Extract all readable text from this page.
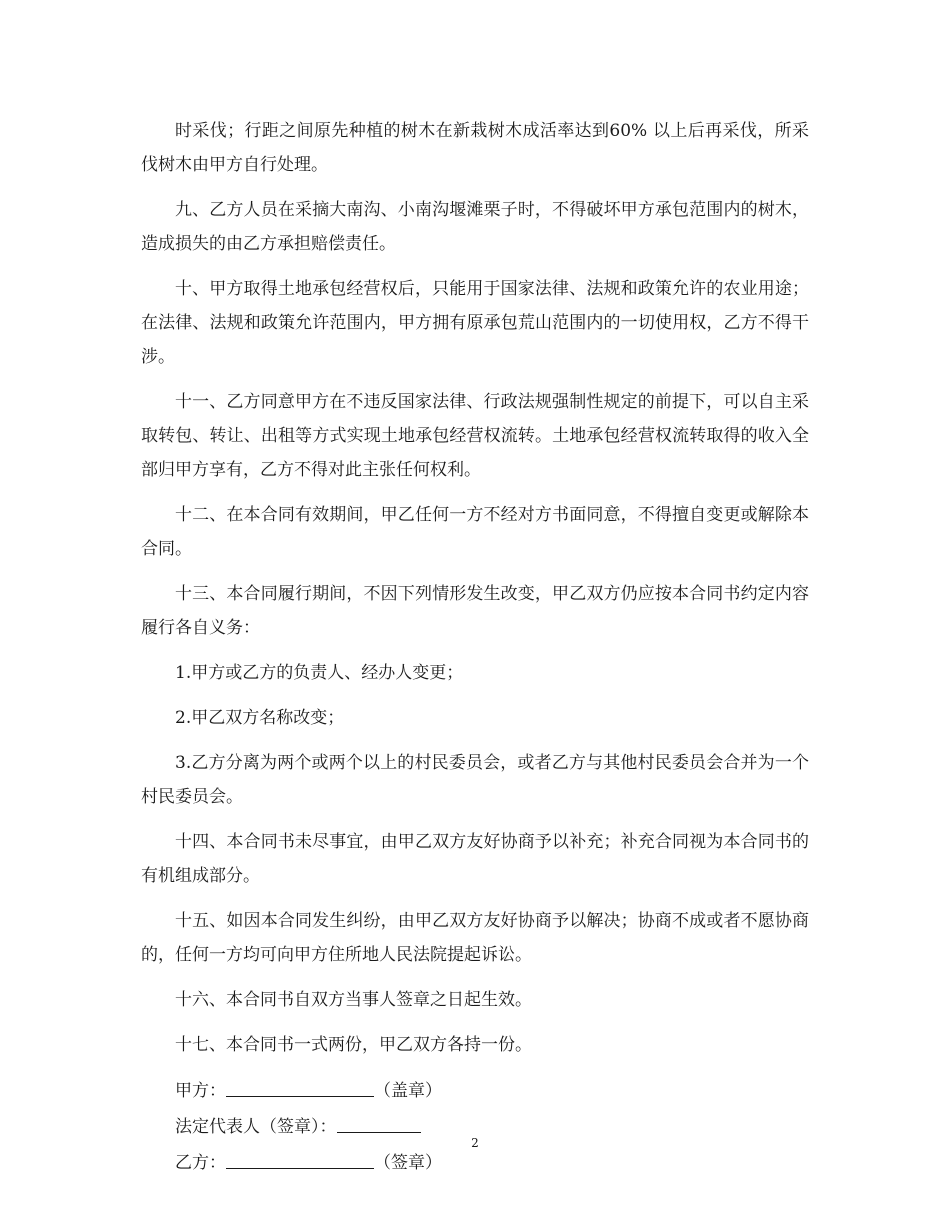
时采伐；行距之间原先种植的树木在新栽树木成活率达到60% 以上后再采伐，所采伐树木由甲方自行处理。

九、乙方人员在采摘大南沟、小南沟堰滩栗子时，不得破坏甲方承包范围内的树木，造成损失的由乙方承担赔偿责任。

十、甲方取得土地承包经营权后，只能用于国家法律、法规和政策允许的农业用途；在法律、法规和政策允许范围内，甲方拥有原承包荒山范围内的一切使用权，乙方不得干涉。

十一、乙方同意甲方在不违反国家法律、行政法规强制性规定的前提下，可以自主采取转包、转让、出租等方式实现土地承包经营权流转。土地承包经营权流转取得的收入全部归甲方享有，乙方不得对此主张任何权利。

十二、在本合同有效期间，甲乙任何一方不经对方书面同意，不得擅自变更或解除本合同。

十三、本合同履行期间，不因下列情形发生改变，甲乙双方仍应按本合同书约定内容履行各自义务：

1.甲方或乙方的负责人、经办人变更；

2.甲乙双方名称改变；

3.乙方分离为两个或两个以上的村民委员会，或者乙方与其他村民委员会合并为一个村民委员会。

十四、本合同书未尽事宜，由甲乙双方友好协商予以补充；补充合同视为本合同书的有机组成部分。

十五、如因本合同发生纠纷，由甲乙双方友好协商予以解决；协商不成或者不愿协商的，任何一方均可向甲方住所地人民法院提起诉讼。

十六、本合同书自双方当事人签章之日起生效。

十七、本合同书一式两份，甲乙双方各持一份。

甲方：	（盖章）

法定代表人（签章）：

乙方：	（签章）

2
